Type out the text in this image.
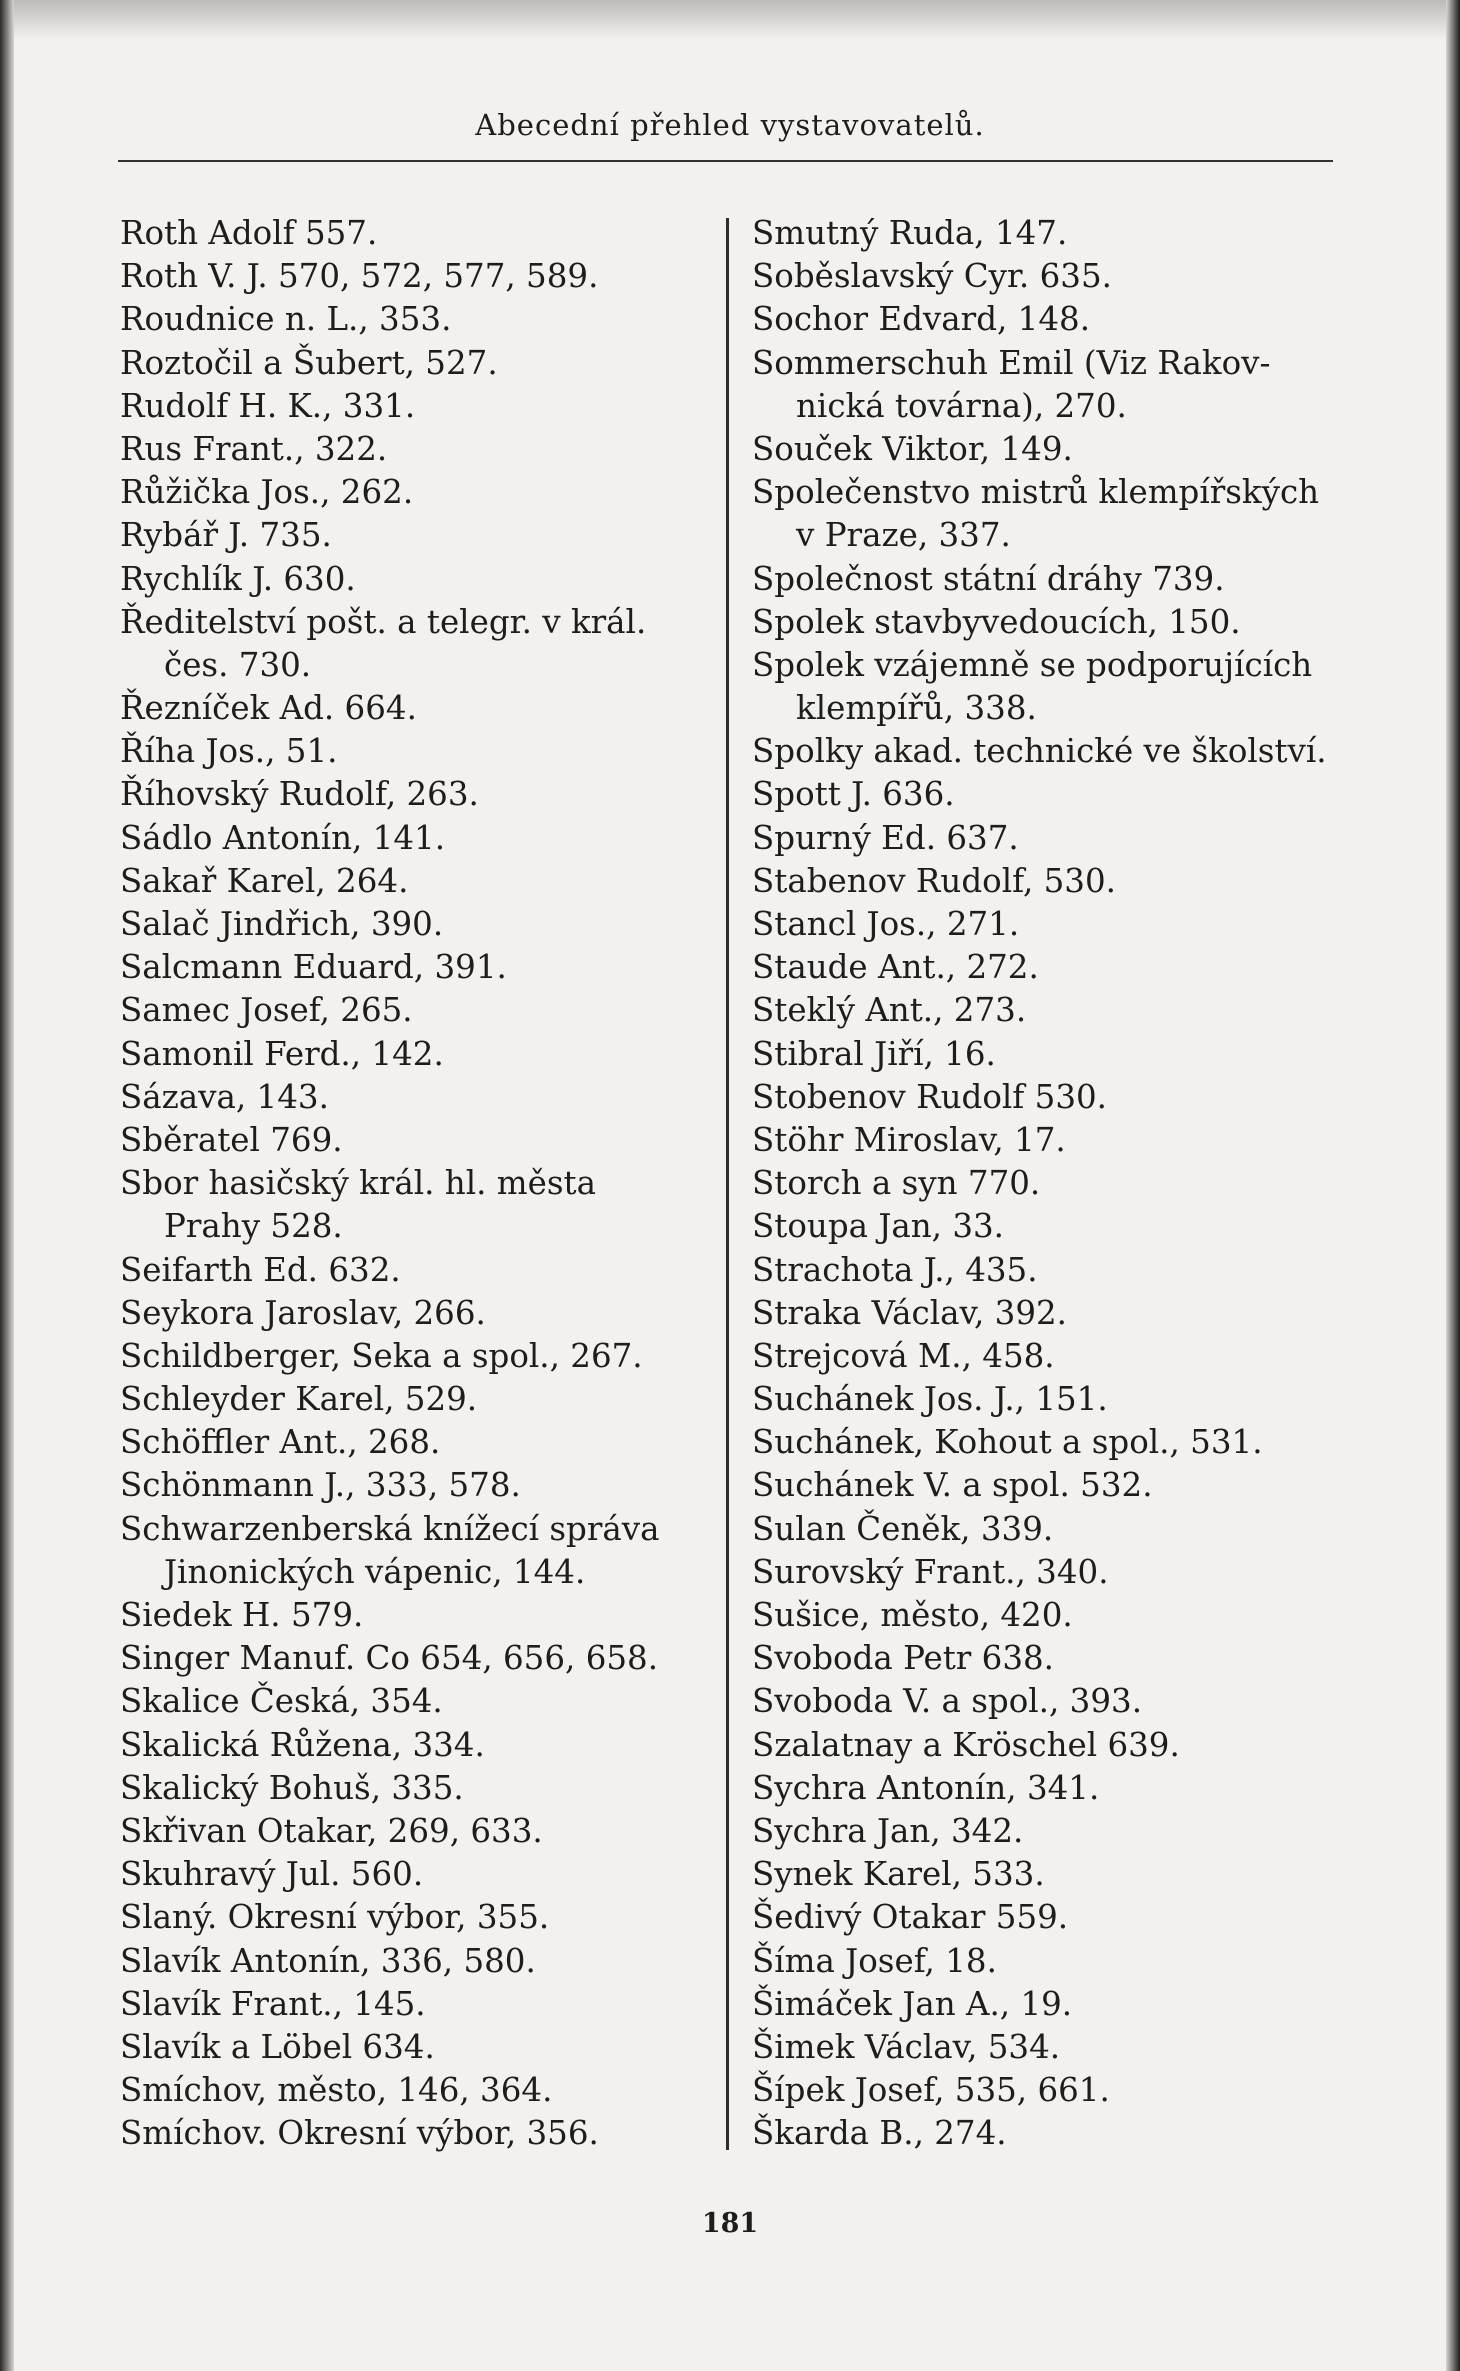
Abecední přehled vystavovatelů.
Roth Adolf 557.
Roth V. J. 570, 572, 577, 589.
Roudnice n. L., 353.
Roztočil a Šubert, 527.
Rudolf H. K., 331.
Rus Frant., 322.
Růžička Jos., 262.
Rybář J. 735.
Rychlík J. 630.
Ředitelství pošt. a telegr. v král.
čes. 730.
Řezníček Ad. 664.
Říha Jos., 51.
Říhovský Rudolf, 263.
Sádlo Antonín, 141.
Sakař Karel, 264.
Salač Jindřich, 390.
Salcmann Eduard, 391.
Samec Josef, 265.
Samonil Ferd., 142.
Sázava, 143.
Sběratel 769.
Sbor hasičský král. hl. města
Prahy 528.
Seifarth Ed. 632.
Seykora Jaroslav, 266.
Schildberger, Seka a spol., 267.
Schleyder Karel, 529.
Schöffler Ant., 268.
Schönmann J., 333, 578.
Schwarzenberská knížecí správa
Jinonických vápenic, 144.
Siedek H. 579.
Singer Manuf. Co 654, 656, 658.
Skalice Česká, 354.
Skalická Růžena, 334.
Skalický Bohuš, 335.
Skřivan Otakar, 269, 633.
Skuhravý Jul. 560.
Slaný. Okresní výbor, 355.
Slavík Antonín, 336, 580.
Slavík Frant., 145.
Slavík a Löbel 634.
Smíchov, město, 146, 364.
Smíchov. Okresní výbor, 356.
Smutný Ruda, 147.
Soběslavský Cyr. 635.
Sochor Edvard, 148.
Sommerschuh Emil (Viz Rakov-
nická továrna), 270.
Souček Viktor, 149.
Společenstvo mistrů klempířských
v Praze, 337.
Společnost státní dráhy 739.
Spolek stavbyvedoucích, 150.
Spolek vzájemně se podporujících
klempířů, 338.
Spolky akad. technické ve školství.
Spott J. 636.
Spurný Ed. 637.
Stabenov Rudolf, 530.
Stancl Jos., 271.
Staude Ant., 272.
Steklý Ant., 273.
Stibral Jiří, 16.
Stobenov Rudolf 530.
Stöhr Miroslav, 17.
Storch a syn 770.
Stoupa Jan, 33.
Strachota J., 435.
Straka Václav, 392.
Strejcová M., 458.
Suchánek Jos. J., 151.
Suchánek, Kohout a spol., 531.
Suchánek V. a spol. 532.
Sulan Čeněk, 339.
Surovský Frant., 340.
Sušice, město, 420.
Svoboda Petr 638.
Svoboda V. a spol., 393.
Szalatnay a Kröschel 639.
Sychra Antonín, 341.
Sychra Jan, 342.
Synek Karel, 533.
Šedivý Otakar 559.
Šíma Josef, 18.
Šimáček Jan A., 19.
Šimek Václav, 534.
Šípek Josef, 535, 661.
Škarda B., 274.
181
